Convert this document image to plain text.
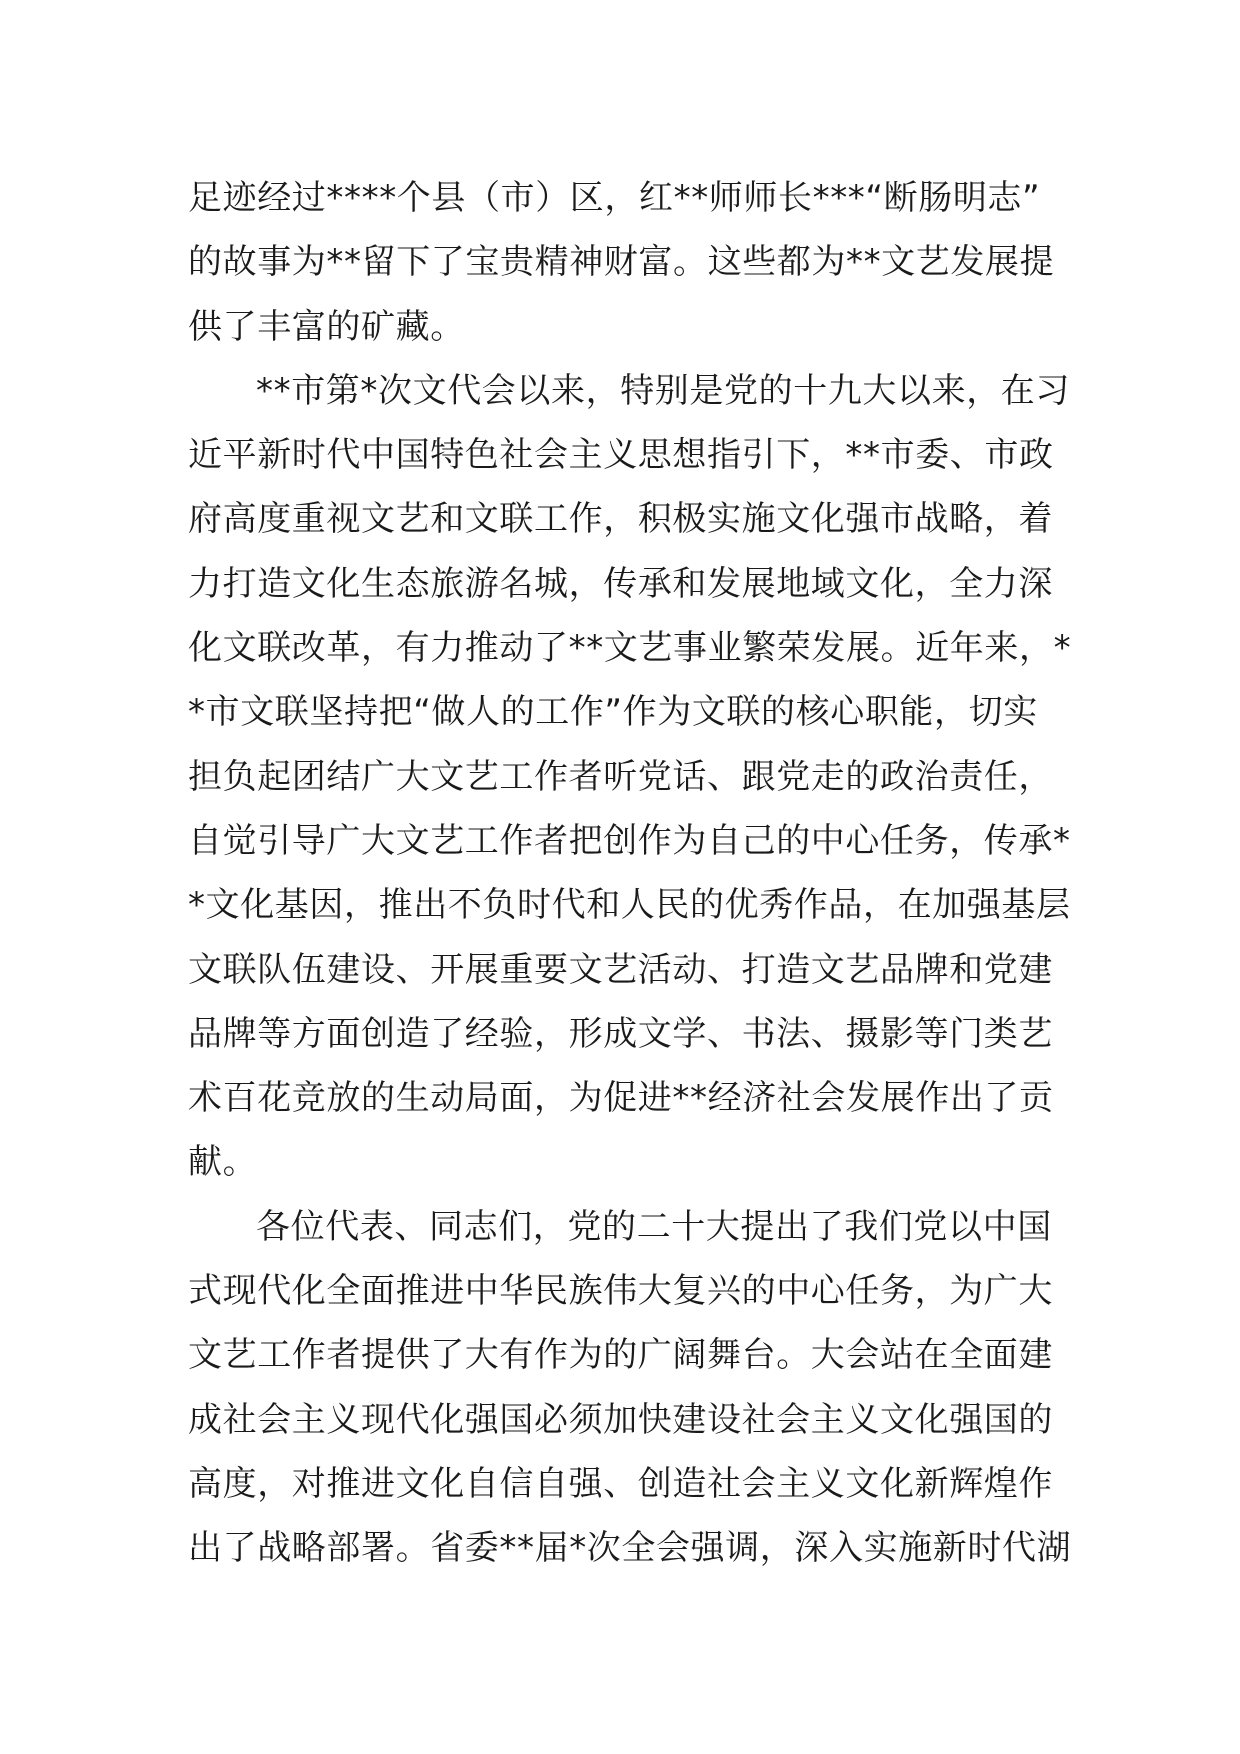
足迹经过****个县（市）区，红**师师长***“断肠明志”
的故事为**留下了宝贵精神财富。这些都为**文艺发展提
供了丰富的矿藏。
**市第*次文代会以来，特别是党的十九大以来，在习
近平新时代中国特色社会主义思想指引下，**市委、市政
府高度重视文艺和文联工作，积极实施文化强市战略，着
力打造文化生态旅游名城，传承和发展地域文化，全力深
化文联改革，有力推动了**文艺事业繁荣发展。近年来，*
*市文联坚持把“做人的工作”作为文联的核心职能，切实
担负起团结广大文艺工作者听党话、跟党走的政治责任，
自觉引导广大文艺工作者把创作为自己的中心任务，传承*
*文化基因，推出不负时代和人民的优秀作品，在加强基层
文联队伍建设、开展重要文艺活动、打造文艺品牌和党建
品牌等方面创造了经验，形成文学、书法、摄影等门类艺
术百花竞放的生动局面，为促进**经济社会发展作出了贡
献。
各位代表、同志们，党的二十大提出了我们党以中国
式现代化全面推进中华民族伟大复兴的中心任务，为广大
文艺工作者提供了大有作为的广阔舞台。大会站在全面建
成社会主义现代化强国必须加快建设社会主义文化强国的
高度，对推进文化自信自强、创造社会主义文化新辉煌作
出了战略部署。省委**届*次全会强调，深入实施新时代湖
